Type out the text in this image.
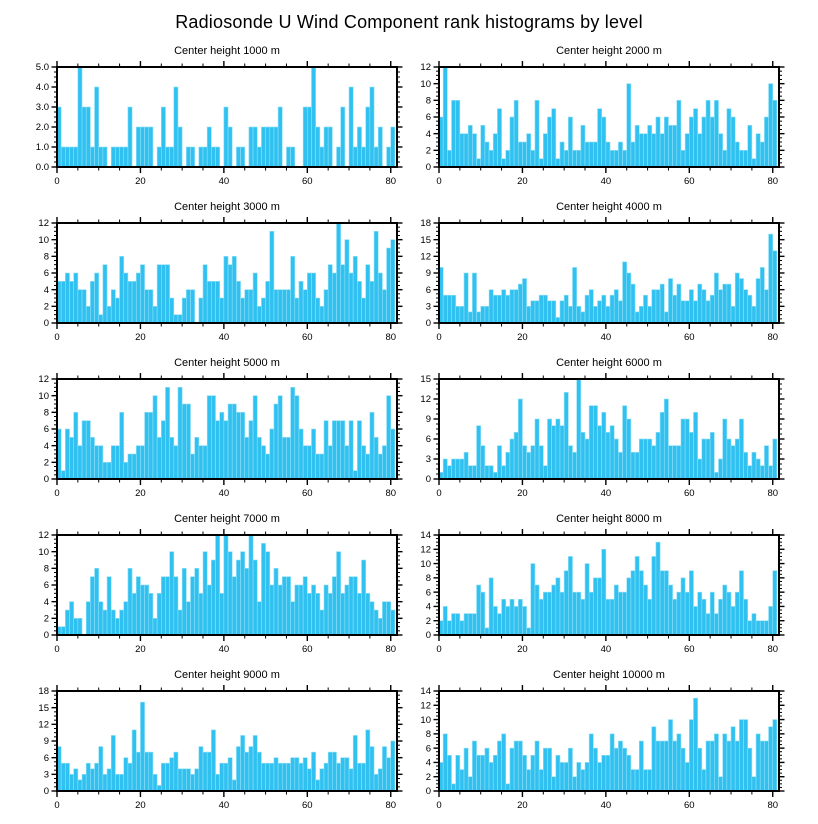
Radiosonde U Wind Component rank histograms by level
Center height 1000 m
0.0
1.0
2.0
3.0
4.0
5.0
0	20	40	60	80
Center height 2000 m
0
2
4
6
8
10
12
0	20	40	60	80
Center height 3000 m
0
2
4
6
8
10
12
0	20	40	60	80
Center height 4000 m
0
3
6
9
12
15
18
0	20	40	60	80
Center height 5000 m
0
2
4
6
8
10
12
0	20	40	60	80
Center height 6000 m
0
3
6
9
12
15
0	20	40	60	80
Center height 7000 m
0
2
4
6
8
10
12
0	20	40	60	80
Center height 8000 m
0
2
4
6
8
10
12
14
0	20	40	60	80
Center height 9000 m
0
3
6
9
12
15
18
0	20	40	60	80
Center height 10000 m
0
2
4
6
8
10
12
14
0	20	40	60	80
